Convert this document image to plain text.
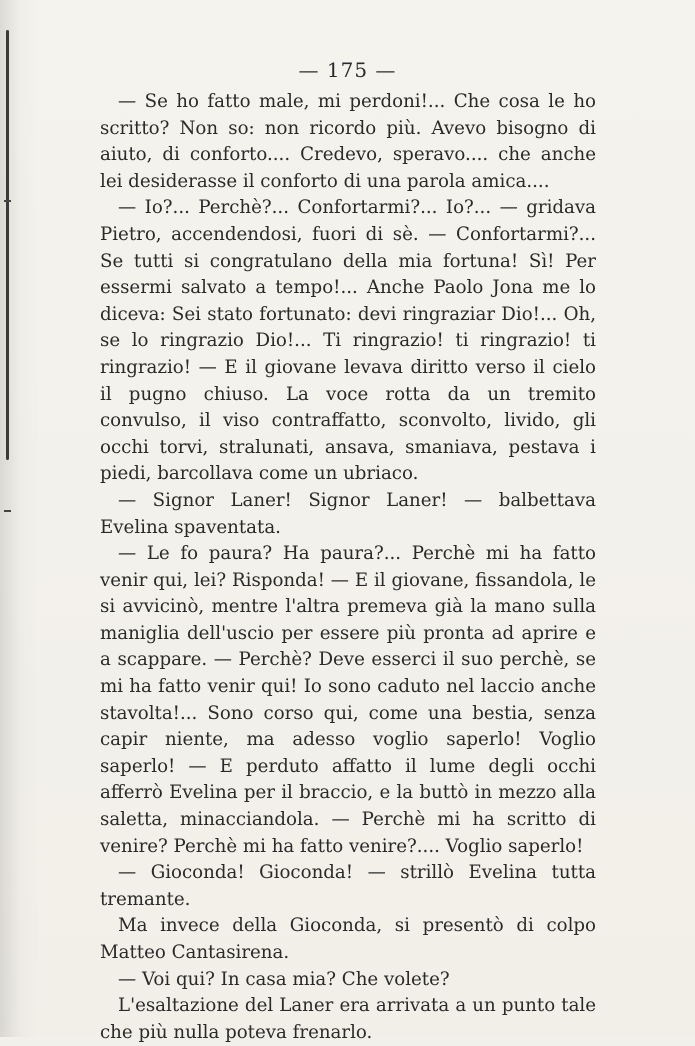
— 175 —

— Se ho fatto male, mi perdoni!... Che cosa le ho scritto? Non so: non ricordo più. Avevo bisogno di aiuto, di conforto.... Credevo, speravo.... che anche lei desiderasse il conforto di una parola amica....

— Io?... Perchè?... Confortarmi?... Io?... — gridava Pietro, accendendosi, fuori di sè. — Confortarmi?... Se tutti si congratulano della mia fortuna! Sì! Per essermi salvato a tempo!... Anche Paolo Jona me lo diceva: Sei stato fortunato: devi ringraziar Dio!... Oh, se lo ringrazio Dio!... Ti ringrazio! ti ringrazio! ti ringrazio! — E il giovane levava diritto verso il cielo il pugno chiuso. La voce rotta da un tremito convulso, il viso contraffatto, sconvolto, livido, gli occhi torvi, stralunati, ansava, smaniava, pestava i piedi, barcollava come un ubriaco.

— Signor Laner! Signor Laner! — balbettava Evelina spaventata.

— Le fo paura? Ha paura?... Perchè mi ha fatto venir qui, lei? Risponda! — E il giovane, fissandola, le si avvicinò, mentre l'altra premeva già la mano sulla maniglia dell'uscio per essere più pronta ad aprire e a scappare. — Perchè? Deve esserci il suo perchè, se mi ha fatto venir qui! Io sono caduto nel laccio anche stavolta!... Sono corso qui, come una bestia, senza capir niente, ma adesso voglio saperlo! Voglio saperlo! — E perduto affatto il lume degli occhi afferrò Evelina per il braccio, e la buttò in mezzo alla saletta, minacciandola. — Perchè mi ha scritto di venire? Perchè mi ha fatto venire?.... Voglio saperlo!

— Gioconda! Gioconda! — strillò Evelina tutta tremante.

Ma invece della Gioconda, si presentò di colpo Matteo Cantasirena.

— Voi qui? In casa mia? Che volete?

L'esaltazione del Laner era arrivata a un punto tale che più nulla poteva frenarlo.
